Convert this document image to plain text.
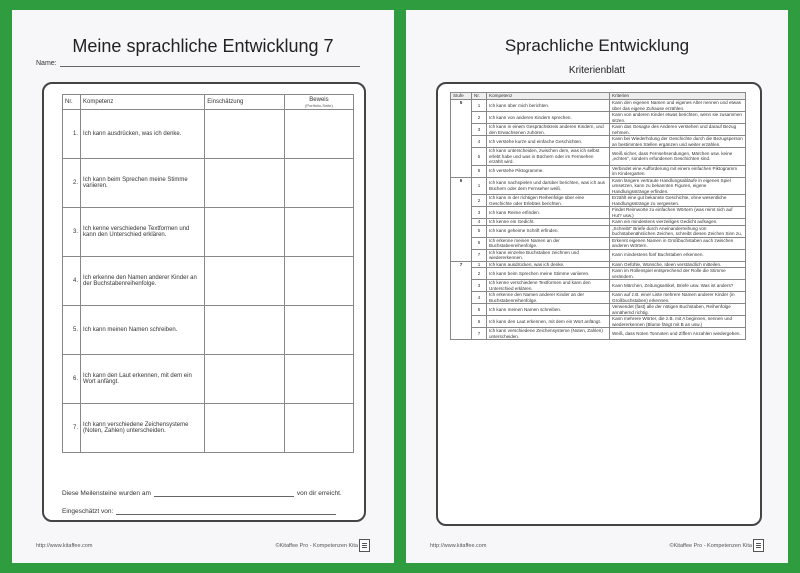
Meine sprachliche Entwicklung 7
Name:
Nr.	Kompetenz	Einschätzung	Beweis
(Portfolio-Seite)

1.	Ich kann ausdrücken, was ich denke.		
2.	Ich kann beim Sprechen meine Stimme variieren.		
3.	Ich kenne verschiedene Textformen und kann den Unterschied erklären.		
4.	Ich erkenne den Namen anderer Kinder an der Buchstabenreihenfolge.		
5.	Ich kann meinen Namen schreiben.		
6.	Ich kann den Laut erkennen, mit dem ein Wort anfängt.		
7.	Ich kann verschiedene Zeichensysteme (Noten, Zahlen) unterscheiden.		
Diese Meilensteine wurden am	von dir erreicht.
Eingeschätzt von:
http://www.kitaffee.com	©Kitaffee Pro - Kompetenzen Kita
Sprachliche Entwicklung
Kriterienblatt
Stufe	Nr.	Kompetenz	Kriterien
5	1	Ich kann über mich berichten.	Kann den eigenen Namen und eigenes Alter nennen und etwas über das eigene Zuhause erzählen.
	2	Ich kann von anderen Kindern sprechen.	Kann von anderen Kinder etwas berichten, wenn sie zusammen sitzen.
	3	Ich kann in einem Gesprächskreis anderen Kindern, und den Erwachsenen zuhören.	Kann das Gesagte des Anderen verstehen und darauf Bezug nehmen.
	4	Ich verstehe kurze und einfache Geschichten.	Kann bei Wiederholung der Geschichte durch die Bezugsperson an bestimmten Stellen ergänzen und weiter erzählen.
	5	Ich kann unterscheiden, zwischen dem, was ich selbst erlebt habe und was in Büchern oder im Fernsehen erzählt wird.	Weiß sicher, dass Fernsehsendungen, Märchen usw. keine „echten“, sondern erfundenen Geschichten sind.
	6	Ich verstehe Piktogramme.	Verbindet eine Aufforderung mit einem einfachen Piktogramm im Kindergarten.
6	1	Ich kann nachspielen und darüber berichten, was ich aus Büchern oder dem Fernseher weiß.	Kann längere vertraute Handlungsabläufe in eigenes Spiel umsetzen, kann zu bekannten Figuren, eigene Handlungsstränge erfinden.
	2	Ich kann in der richtigen Reihenfolge über eine Geschichte oder Erlebtes berichten.	Erzählt eine gut bekannte Geschichte, ohne wesentliche Handlungsstränge zu vergessen.
	3	Ich kann Reime erfinden.	Findet Reimworte zu einfachen Wörtern (was reimt sich auf Hut? usw.)
	4	Ich kenne ein Gedicht.	Kann ein mindestens vierzeiliges Gedicht aufsagen.
	5	Ich kann geheime Schrift erfinden.	„Schreibt“ Briefe durch Aneinanderreihung von buchstabenähnlichen Zeichen, schreibt diesen Zeichen Sinn zu.
	6	Ich erkenne meinen Namen an der Buchstabenreihenfolge.	Erkennt eigenen Namen in Großbuchstaben auch zwischen anderen Wörtern.
	7	Ich kann einzelne Buchstaben zeichnen und wiedererkennen.	Kann mindestens fünf Buchstaben erkennen.
7	1	Ich kann ausdrücken, was ich denke.	Kann Gefühle, Wünsche, Ideen verständlich mitteilen.
	2	Ich kann beim Sprechen meine Stimme variieren.	Kann im Rollenspiel entsprechend der Rolle die Stimme verändern.
	3	Ich kenne verschiedene Textformen und kann den Unterschied erklären.	Kann Märchen, Zeitungsartikel, Briefe usw. Was ist anders?
	4	Ich erkenne den Namen anderer Kinder an der Buchstabenreihenfolge.	Kann auf z.B. einer Liste mehrere Namen anderer Kinder (in Großbuchstaben) erkennen.
	5	Ich kann meinen Namen schreiben.	Verwendet (fast) alle der nötigen Buchstaben, Reihenfolge annähernd richtig.
	6	Ich kann den Laut erkennen, mit dem ein Wort anfängt.	Kann mehrere Wörter, die z.B. mit A beginnen, nennen und wiedererkennen (Blume fängt mit B an usw.)
	7	Ich kann verschiedene Zeichensysteme (Noten, Zahlen) unterscheiden.	Weiß, dass Noten Tonnoten und Ziffern Anzahlen wiedergeben.
http://www.kitaffee.com	©Kitaffee Pro - Kompetenzen Kita
